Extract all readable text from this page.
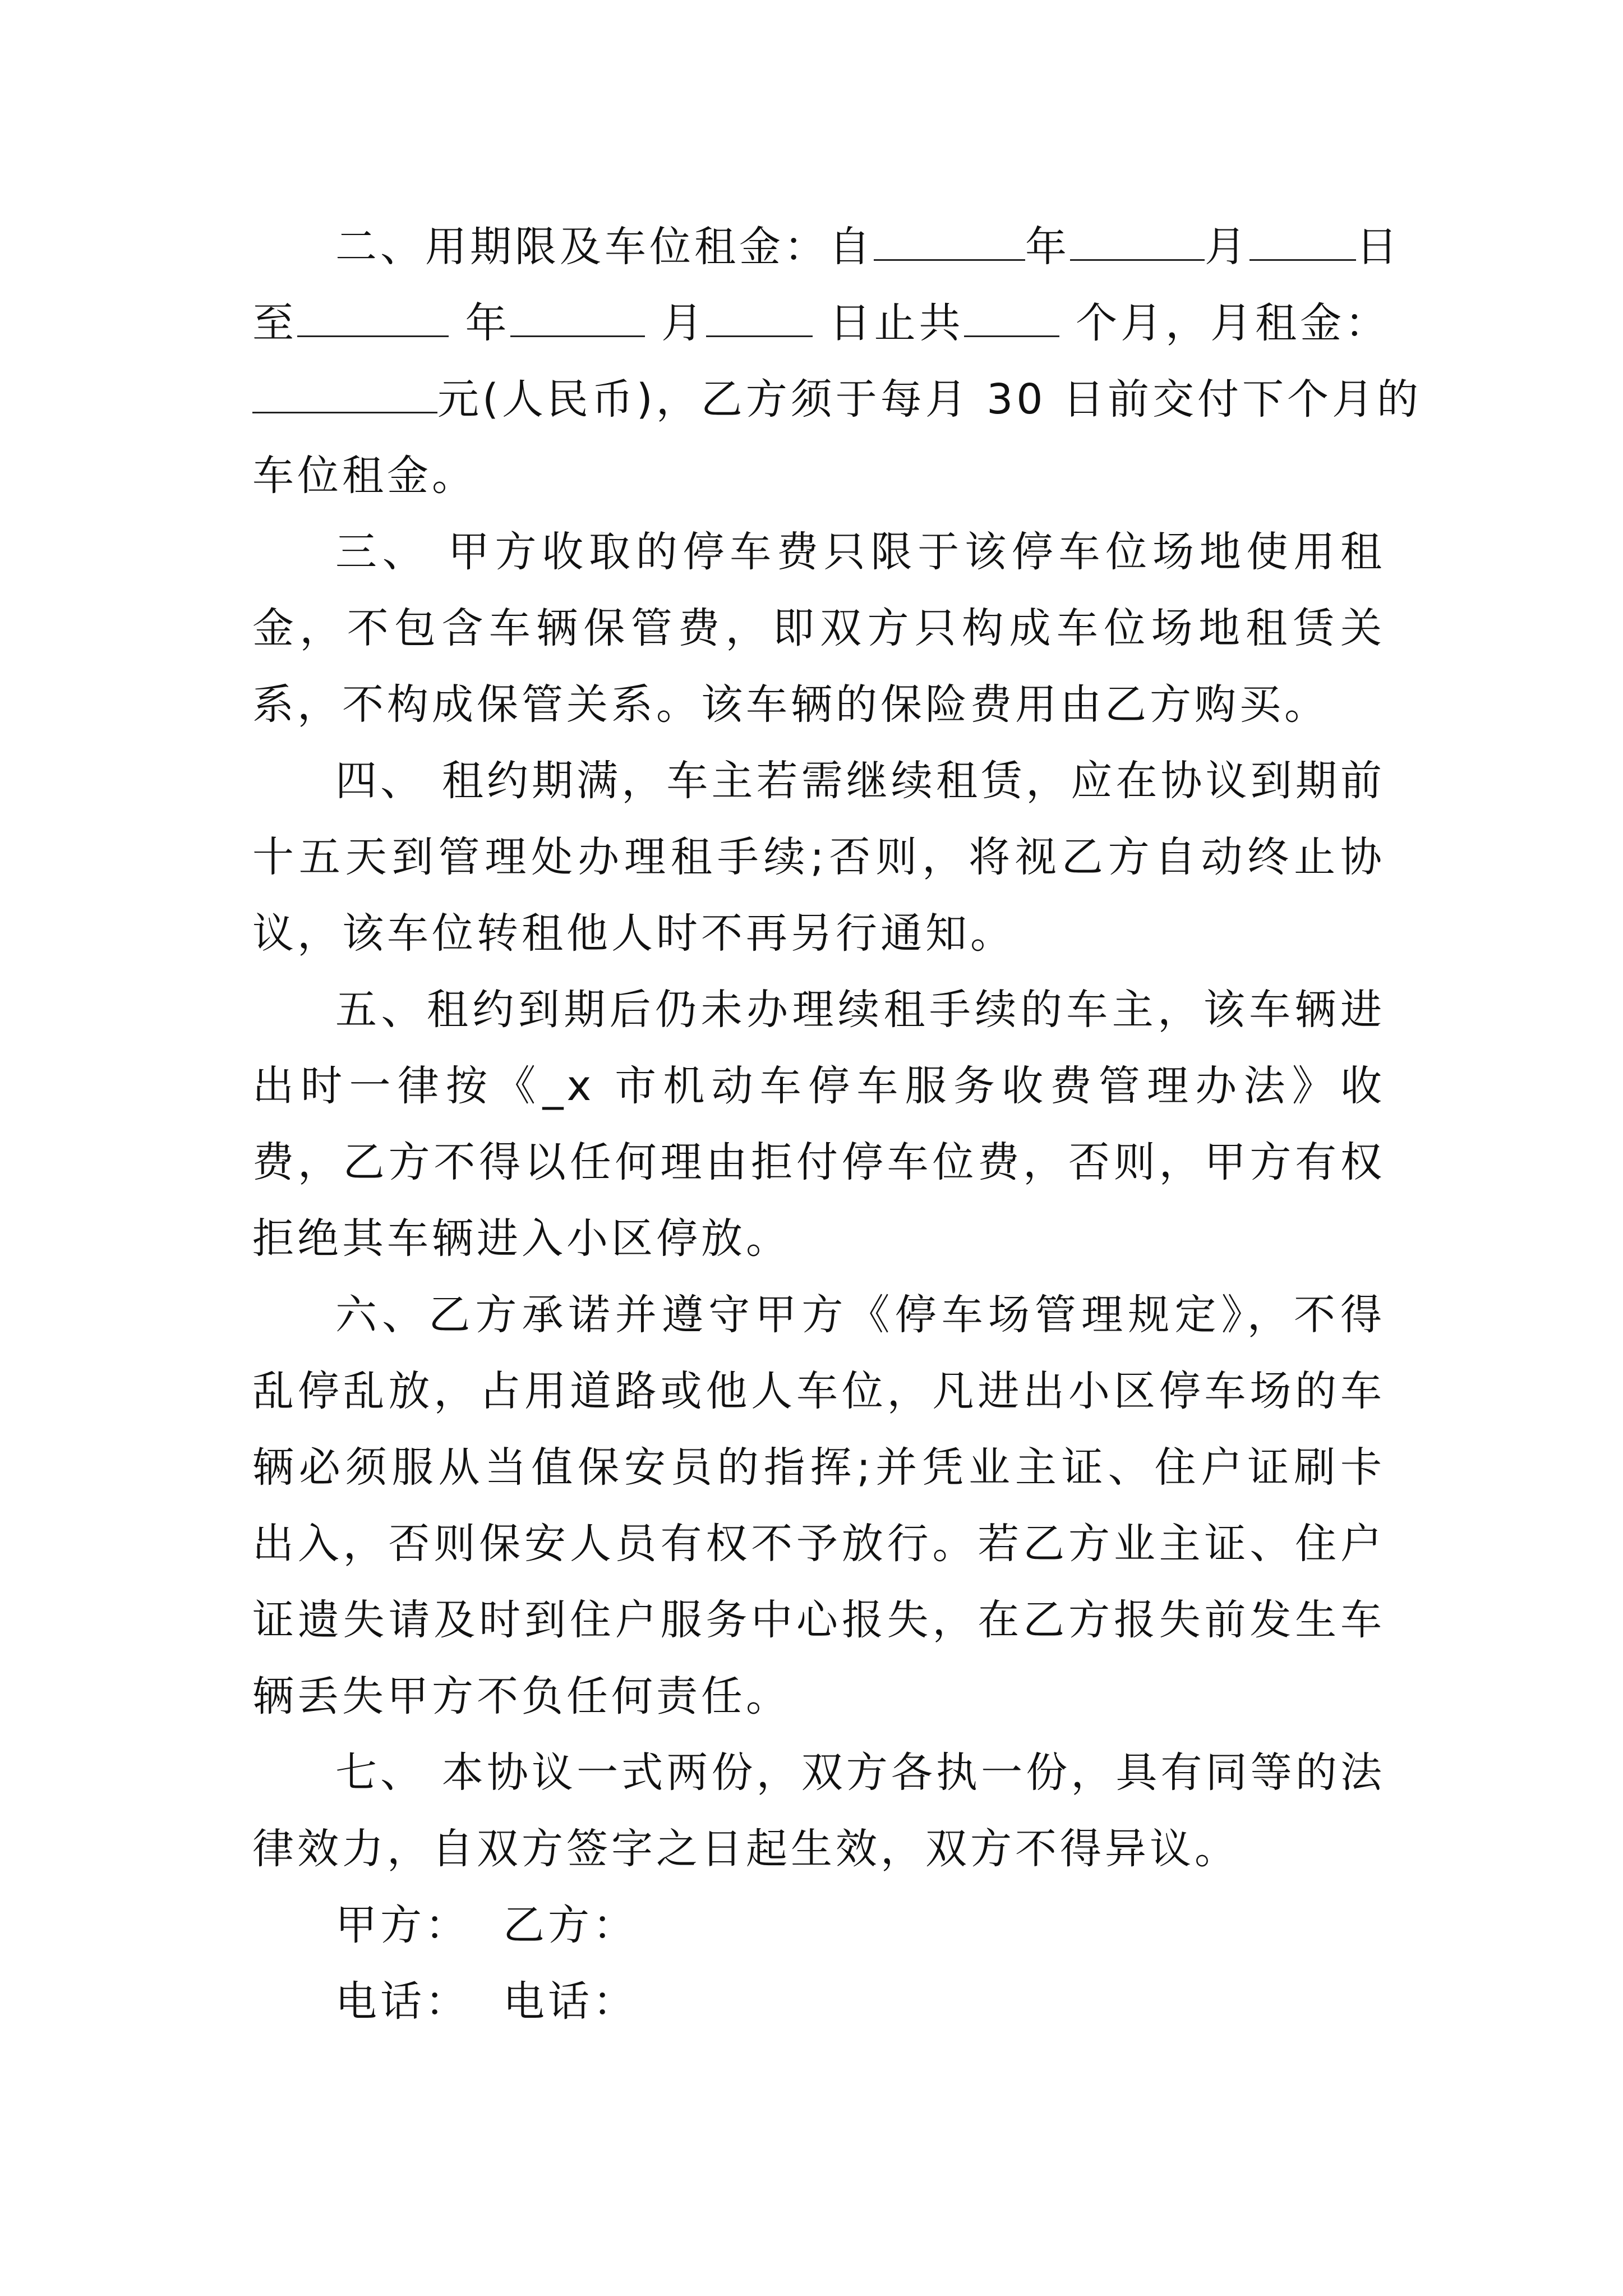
二、用期限及车位租金：自	年	月	日
至	年	月	日止共	个月，月租金：
元(人民币)，乙方须于每月 30 日前交付下个月的
车位租金。

三、 甲方收取的停车费只限于该停车位场地使用租金，不包含车辆保管费，即双方只构成车位场地租赁关系，不构成保管关系。该车辆的保险费用由乙方购买。

四、 租约期满，车主若需继续租赁，应在协议到期前十五天到管理处办理租手续;否则，将视乙方自动终止协议，该车位转租他人时不再另行通知。

五、租约到期后仍未办理续租手续的车主，该车辆进出时一律按《_x 市机动车停车服务收费管理办法》收费，乙方不得以任何理由拒付停车位费，否则，甲方有权拒绝其车辆进入小区停放。

六、乙方承诺并遵守甲方《停车场管理规定》，不得乱停乱放，占用道路或他人车位，凡进出小区停车场的车辆必须服从当值保安员的指挥;并凭业主证、住户证刷卡出入，否则保安人员有权不予放行。若乙方业主证、住户证遗失请及时到住户服务中心报失，在乙方报失前发生车辆丢失甲方不负任何责任。

七、 本协议一式两份，双方各执一份，具有同等的法律效力，自双方签字之日起生效，双方不得异议。

甲方： 乙方：

电话： 电话：
